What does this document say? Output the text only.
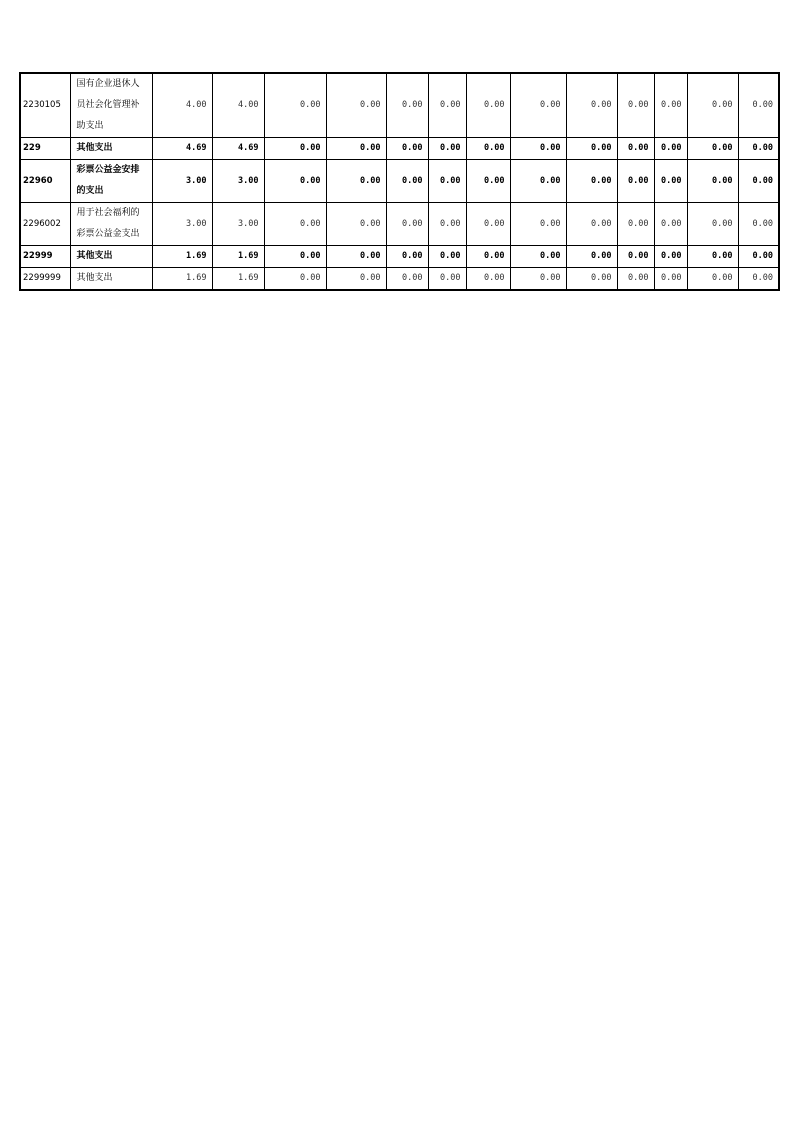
2230105	国有企业退休人员社会化管理补助支出	4.00	4.00	0.00	0.00	0.00	0.00	0.00	0.00	0.00	0.00	0.00	0.00	0.00
229	其他支出	4.69	4.69	0.00	0.00	0.00	0.00	0.00	0.00	0.00	0.00	0.00	0.00	0.00
22960	彩票公益金安排的支出	3.00	3.00	0.00	0.00	0.00	0.00	0.00	0.00	0.00	0.00	0.00	0.00	0.00
2296002	用于社会福利的彩票公益金支出	3.00	3.00	0.00	0.00	0.00	0.00	0.00	0.00	0.00	0.00	0.00	0.00	0.00
22999	其他支出	1.69	1.69	0.00	0.00	0.00	0.00	0.00	0.00	0.00	0.00	0.00	0.00	0.00
2299999	其他支出	1.69	1.69	0.00	0.00	0.00	0.00	0.00	0.00	0.00	0.00	0.00	0.00	0.00
